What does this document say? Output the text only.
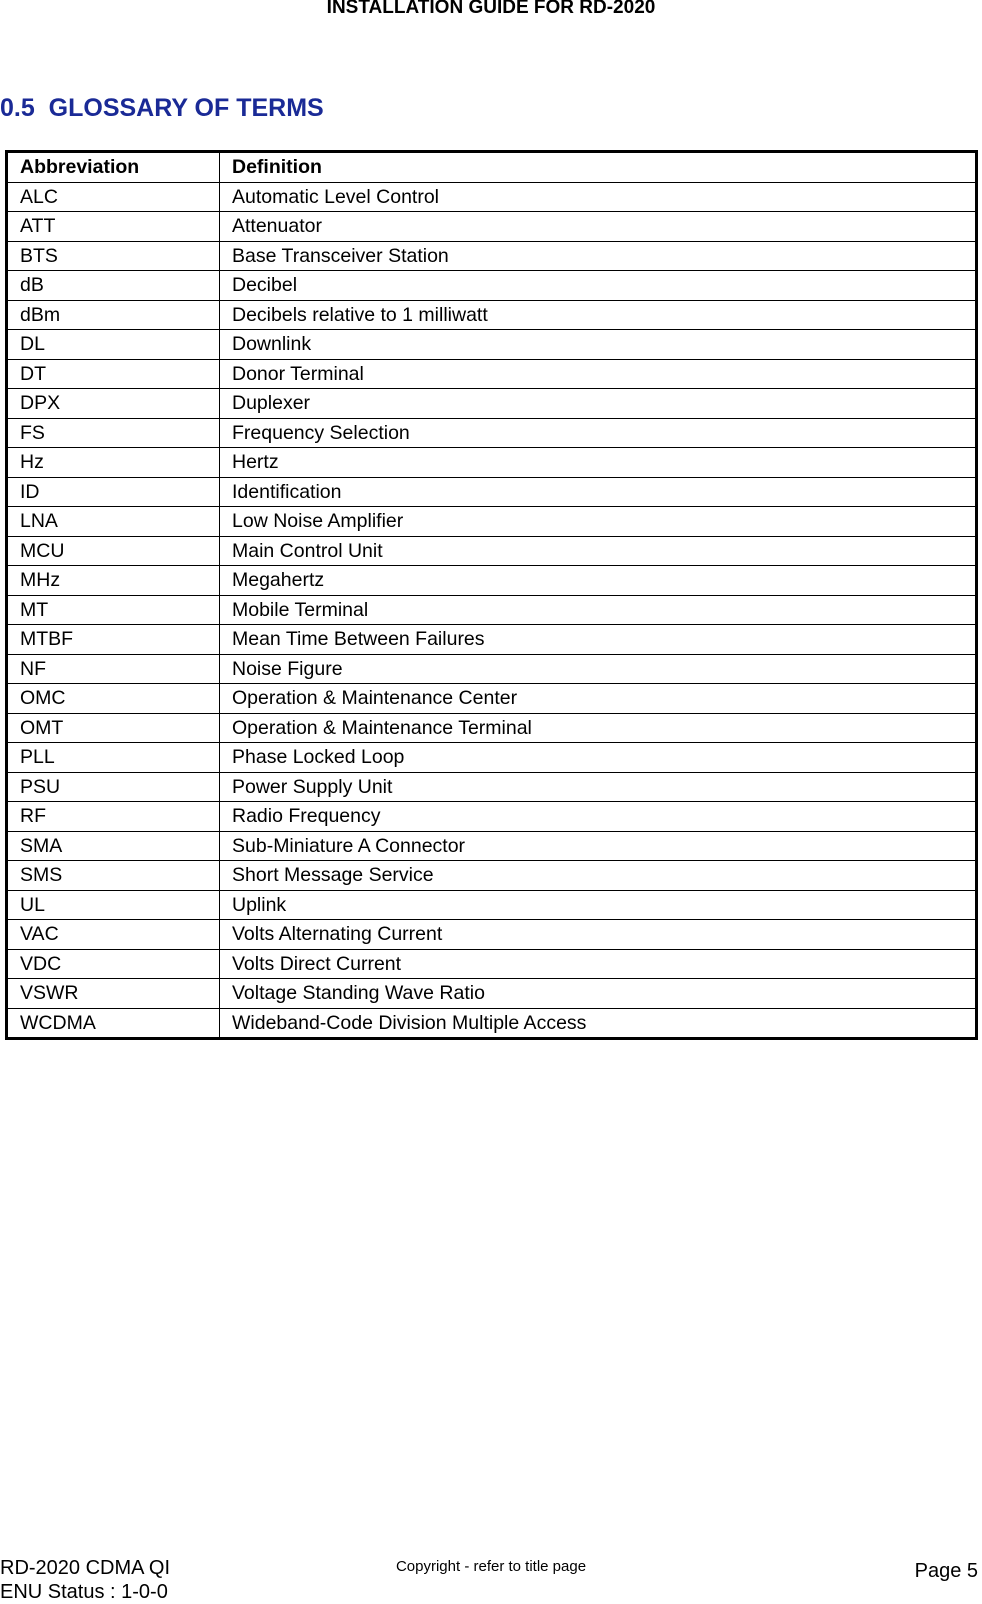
INSTALLATION GUIDE FOR RD-2020
0.5 GLOSSARY OF TERMS
Abbreviation	Definition
ALC	Automatic Level Control
ATT	Attenuator
BTS	Base Transceiver Station
dB	Decibel
dBm	Decibels relative to 1 milliwatt
DL	Downlink
DT	Donor Terminal
DPX	Duplexer
FS	Frequency Selection
Hz	Hertz
ID	Identification
LNA	Low Noise Amplifier
MCU	Main Control Unit
MHz	Megahertz
MT	Mobile Terminal
MTBF	Mean Time Between Failures
NF	Noise Figure
OMC	Operation & Maintenance Center
OMT	Operation & Maintenance Terminal
PLL	Phase Locked Loop
PSU	Power Supply Unit
RF	Radio Frequency
SMA	Sub-Miniature A Connector
SMS	Short Message Service
UL	Uplink
VAC	Volts Alternating Current
VDC	Volts Direct Current
VSWR	Voltage Standing Wave Ratio
WCDMA	Wideband-Code Division Multiple Access
RD-2020 CDMA QI
ENU Status : 1-0-0
Copyright - refer to title page	Page 5
